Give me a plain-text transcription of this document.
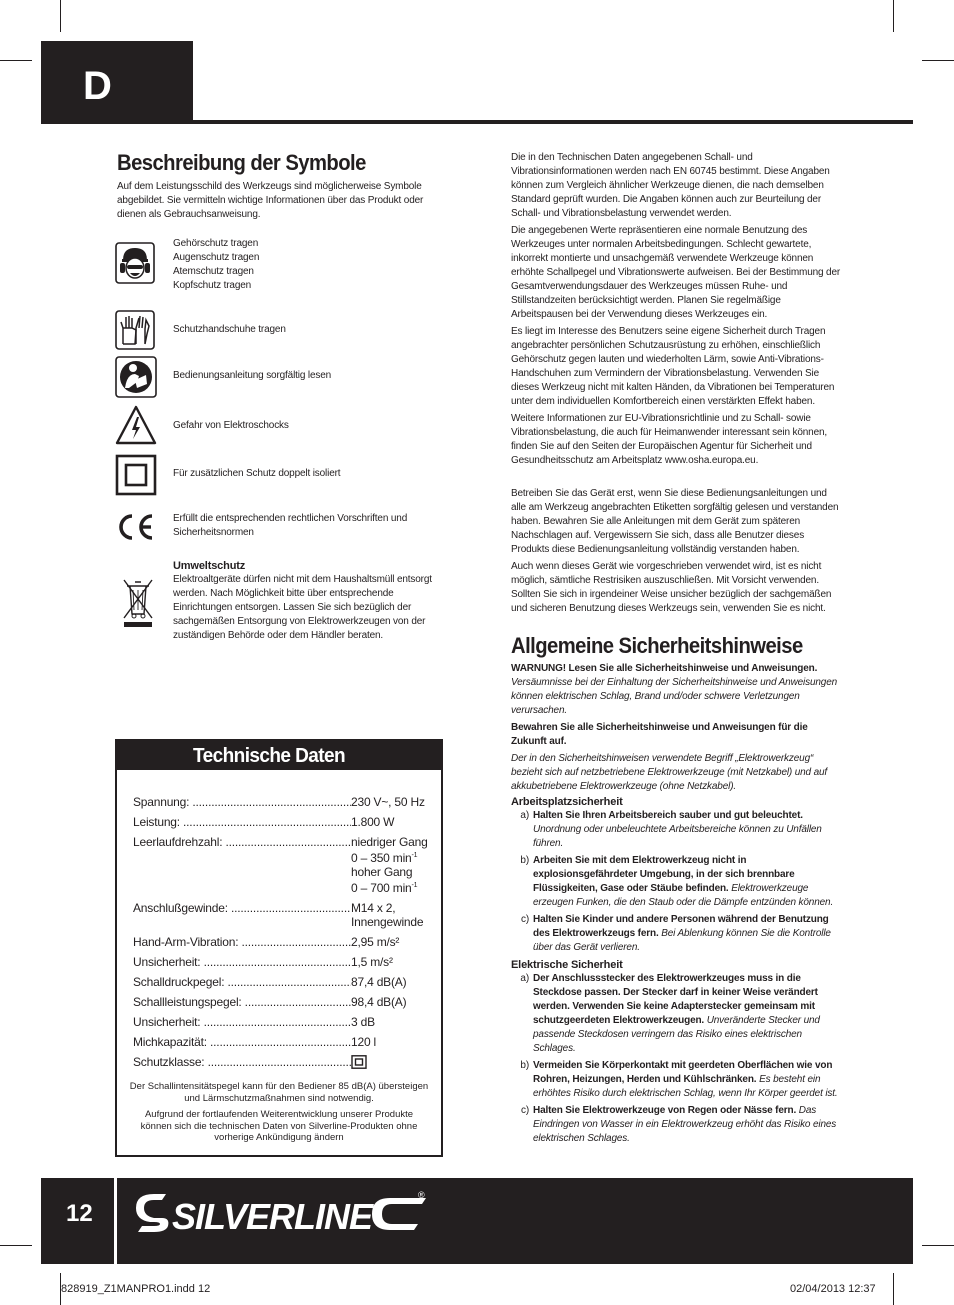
D
Beschreibung der Symbole
Auf dem Leistungsschild des Werkzeugs sind möglicherweise Symbole abgebildet. Sie vermitteln wichtige Informationen über das Produkt oder dienen als Gebrauchsanweisung.
Gehörschutz tragen
Augenschutz tragen
Atemschutz tragen
Kopfschutz tragen
Schutzhandschuhe tragen
Bedienungsanleitung sorgfältig lesen
Gefahr von Elektroschocks
Für zusätzlichen Schutz doppelt isoliert
Erfüllt die entsprechenden rechtlichen Vorschriften und Sicherheitsnormen
Umweltschutz
Elektroaltgeräte dürfen nicht mit dem Haushaltsmüll entsorgt werden. Nach Möglichkeit bitte über entsprechende Einrichtungen entsorgen. Lassen Sie sich bezüglich der sachgemäßen Entsorgung von Elektrowerkzeugen von der zuständigen Behörde oder dem Händler beraten.
Technische Daten
Spannung: .....	230 V~, 50 Hz
Leistung: .....	1.800 W
Leerlaufdrehzahl: .....	niedriger Gang
0 – 350 $\min^{-1}$
hoher Gang
0 – 700 $\min^{-1}$
Anschlußgewinde: .....	M14 x 2,
Innengewinde
Hand-Arm-Vibration: .....	2,95 m/s²
Unsicherheit: .....	1,5 m/s²
Schalldruckpegel: .....	87,4 dB(A)
Schallleistungspegel: .....	98,4 dB(A)
Unsicherheit: .....	3 dB
Michkapazität: .....	120 l
Schutzklasse: .....
Der Schallintensitätspegel kann für den Bediener 85 dB(A) übersteigen und Lärmschutzmaßnahmen sind notwendig.
Aufgrund der fortlaufenden Weiterentwicklung unserer Produkte können sich die technischen Daten von Silverline-Produkten ohne vorherige Ankündigung ändern
Die in den Technischen Daten angegebenen Schall- und Vibrationsinformationen werden nach EN 60745 bestimmt. Diese Angaben können zum Vergleich ähnlicher Werkzeuge dienen, die nach demselben Standard geprüft wurden. Die Angaben können auch zur Beurteilung der Schall- und Vibrationsbelastung verwendet werden.
Die angegebenen Werte repräsentieren eine normale Benutzung des Werkzeuges unter normalen Arbeitsbedingungen. Schlecht gewartete, inkorrekt montierte und unsachgemäß verwendete Werkzeuge können erhöhte Schallpegel und Vibrationswerte aufweisen. Bei der Bestimmung der Gesamtverwendungsdauer des Werkzeuges müssen Ruhe- und Stillstandzeiten berücksichtigt werden. Planen Sie regelmäßige Arbeitspausen bei der Verwendung dieses Werkzeuges ein.
Es liegt im Interesse des Benutzers seine eigene Sicherheit durch Tragen angebrachter persönlichen Schutzausrüstung zu erhöhen, einschließlich Gehörschutz gegen lauten und wiederholten Lärm, sowie Anti-Vibrations-Handschuhen zum Vermindern der Vibrationsbelastung. Verwenden Sie dieses Werkzeug nicht mit kalten Händen, da Vibrationen bei Temperaturen unter dem individuellen Komfortbereich einen verstärkten Effekt haben.
Weitere Informationen zur EU-Vibrationsrichtlinie und zu Schall- sowie Vibrationsbelastung, die auch für Heimanwender interessant sein können, finden Sie auf den Seiten der Europäischen Agentur für Sicherheit und Gesundheitsschutz am Arbeitsplatz www.osha.europa.eu.
Betreiben Sie das Gerät erst, wenn Sie diese Bedienungsanleitungen und alle am Werkzeug angebrachten Etiketten sorgfältig gelesen und verstanden haben. Bewahren Sie alle Anleitungen mit dem Gerät zum späteren Nachschlagen auf. Vergewissern Sie sich, dass alle Benutzer dieses Produkts diese Bedienungsanleitung vollständig verstanden haben.
Auch wenn dieses Gerät wie vorgeschrieben verwendet wird, ist es nicht möglich, sämtliche Restrisiken auszuschließen. Mit Vorsicht verwenden. Sollten Sie sich in irgendeiner Weise unsicher bezüglich der sachgemäßen und sicheren Benutzung dieses Werkzeugs sein, verwenden Sie es nicht.
Allgemeine Sicherheitshinweise
WARNUNG! Lesen Sie alle Sicherheitshinweise und Anweisungen.
Versäumnisse bei der Einhaltung der Sicherheitshinweise und Anweisungen können elektrischen Schlag, Brand und/oder schwere Verletzungen verursachen.
Bewahren Sie alle Sicherheitshinweise und Anweisungen für die Zukunft auf.
Der in den Sicherheitshinweisen verwendete Begriff „Elektrowerkzeug“ bezieht sich auf netzbetriebene Elektrowerkzeuge (mit Netzkabel) und auf akkubetriebene Elektrowerkzeuge (ohne Netzkabel).
Arbeitsplatzsicherheit
a) Halten Sie Ihren Arbeitsbereich sauber und gut beleuchtet. Unordnung oder unbeleuchtete Arbeitsbereiche können zu Unfällen führen.
b) Arbeiten Sie mit dem Elektrowerkzeug nicht in explosionsgefährdeter Umgebung, in der sich brennbare Flüssigkeiten, Gase oder Stäube befinden. Elektrowerkzeuge erzeugen Funken, die den Staub oder die Dämpfe entzünden können.
c) Halten Sie Kinder und andere Personen während der Benutzung des Elektrowerkzeugs fern. Bei Ablenkung können Sie die Kontrolle über das Gerät verlieren.
Elektrische Sicherheit
a) Der Anschlussstecker des Elektrowerkzeuges muss in die Steckdose passen. Der Stecker darf in keiner Weise verändert werden. Verwenden Sie keine Adapterstecker gemeinsam mit schutzgeerdeten Elektrowerkzeugen. Unveränderte Stecker und passende Steckdosen verringern das Risiko eines elektrischen Schlages.
b) Vermeiden Sie Körperkontakt mit geerdeten Oberflächen wie von Rohren, Heizungen, Herden und Kühlschränken. Es besteht ein erhöhtes Risiko durch elektrischen Schlag, wenn Ihr Körper geerdet ist.
c) Halten Sie Elektrowerkzeuge von Regen oder Nässe fern. Das Eindringen von Wasser in ein Elektrowerkzeug erhöht das Risiko eines elektrischen Schlages.
12 SILVERLINE
®
828919_Z1MANPRO1.indd 12	02/04/2013 12:37
